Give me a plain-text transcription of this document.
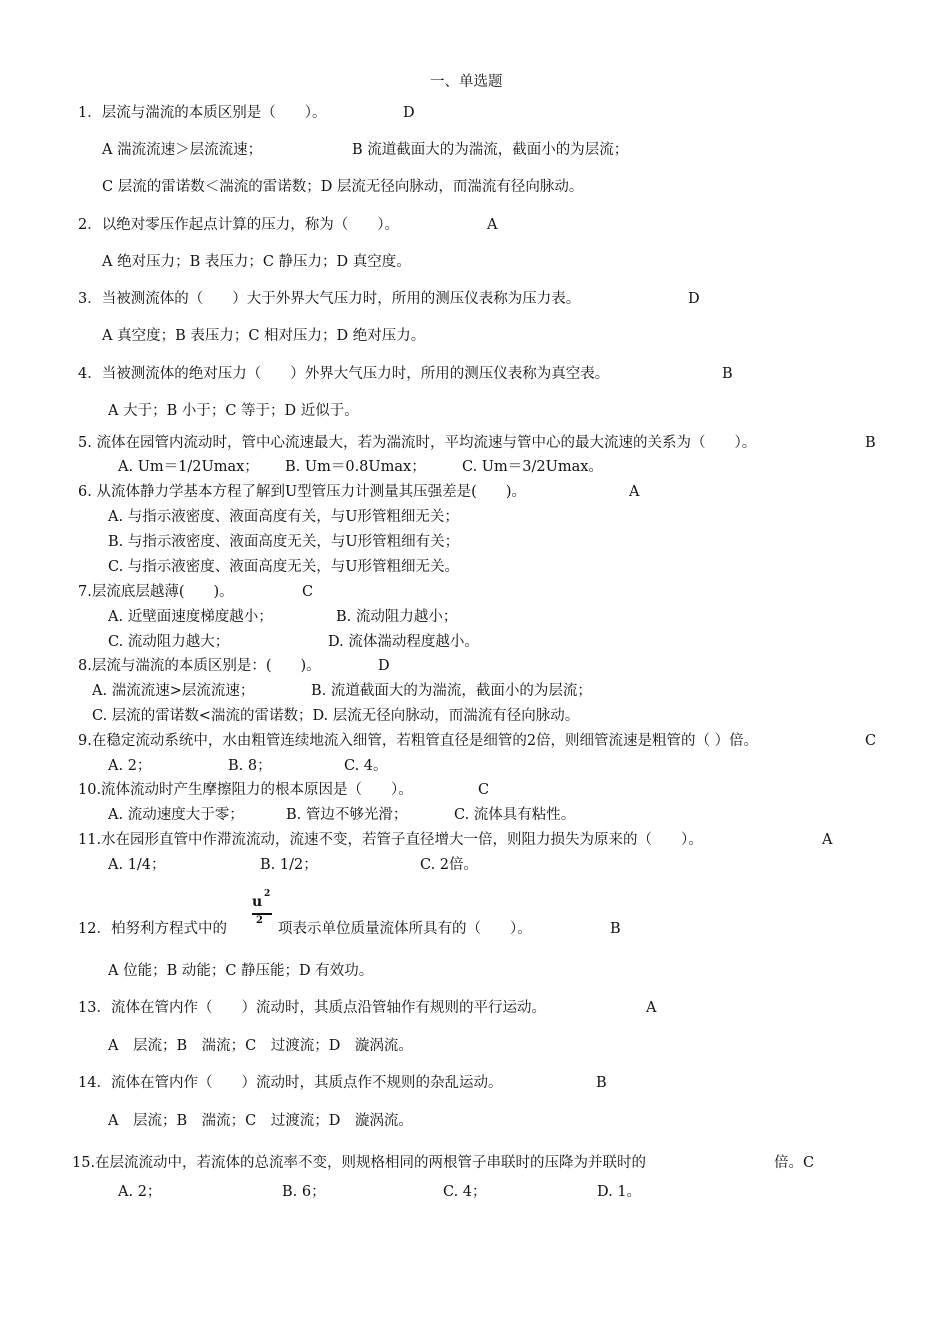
一、单选题
1．层流与湍流的本质区别是（　　）。	D
A 湍流流速＞层流流速；	B 流道截面大的为湍流，截面小的为层流；
C 层流的雷诺数＜湍流的雷诺数；D 层流无径向脉动，而湍流有径向脉动。
2．以绝对零压作起点计算的压力，称为（　　）。	A
A 绝对压力；B 表压力；C 静压力；D 真空度。
3．当被测流体的（　　）大于外界大气压力时，所用的测压仪表称为压力表。	D
A 真空度；B 表压力；C 相对压力；D 绝对压力。
4．当被测流体的绝对压力（　　）外界大气压力时，所用的测压仪表称为真空表。	B
A 大于；B 小于；C 等于；D 近似于。
5. 流体在园管内流动时，管中心流速最大，若为湍流时，平均流速与管中心的最大流速的关系为（　　）。	B
A. Um＝1/2Umax； B. Um＝0.8Umax；	C. Um＝3/2Umax。
6. 从流体静力学基本方程了解到U型管压力计测量其压强差是(　　)。	A
A. 与指示液密度、液面高度有关，与U形管粗细无关；
B. 与指示液密度、液面高度无关，与U形管粗细有关；
C. 与指示液密度、液面高度无关，与U形管粗细无关。
7.层流底层越薄(　　)。	C
A. 近壁面速度梯度越小；	B. 流动阻力越小；
C. 流动阻力越大；	D. 流体湍动程度越小。
8.层流与湍流的本质区别是：(　　)。	D
A. 湍流流速>层流流速；	B. 流道截面大的为湍流，截面小的为层流；
C. 层流的雷诺数<湍流的雷诺数；D. 层流无径向脉动，而湍流有径向脉动。
9.在稳定流动系统中，水由粗管连续地流入细管，若粗管直径是细管的2倍，则细管流速是粗管的（ ）倍。	C
A. 2；	B. 8；	C. 4。
10.流体流动时产生摩擦阻力的根本原因是（　　）。	C
A. 流动速度大于零；	B. 管边不够光滑；	C. 流体具有粘性。
11.水在园形直管中作滞流流动，流速不变，若管子直径增大一倍，则阻力损失为原来的（　　）。	A
A. 1/4；	B. 1/2；	C. 2倍。
12．柏努利方程式中的
u 2
2
项表示单位质量流体所具有的（　　）。	B
A 位能；B 动能；C 静压能；D 有效功。
13．流体在管内作（　　）流动时，其质点沿管轴作有规则的平行运动。	A
A　层流；B　湍流；C　过渡流；D　漩涡流。
14．流体在管内作（　　）流动时，其质点作不规则的杂乱运动。	B
A　层流；B　湍流；C　过渡流；D　漩涡流。
15.在层流流动中，若流体的总流率不变，则规格相同的两根管子串联时的压降为并联时的	倍。C
A. 2；	B. 6；	C. 4；	D. 1。
